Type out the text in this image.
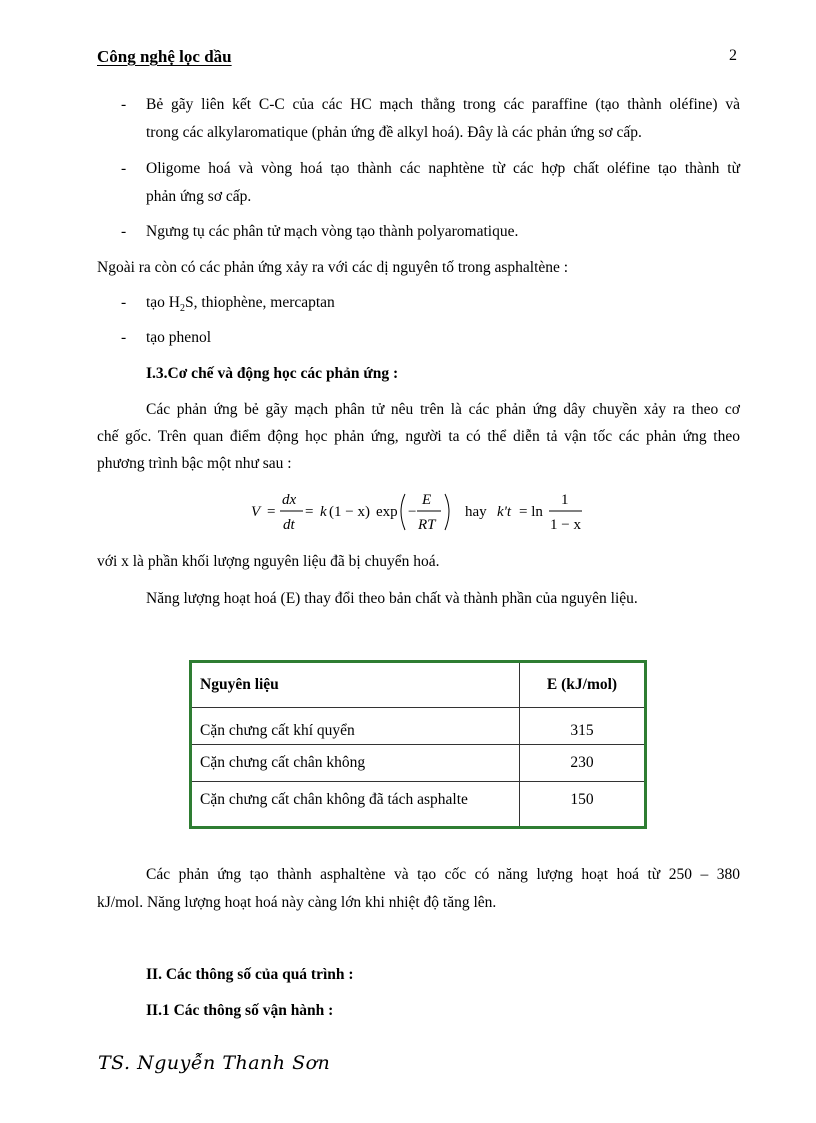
Công nghệ lọc dầu	2
- Bẻ gãy liên kết C-C của các HC mạch thẳng trong các paraffine (tạo thành oléfine) và
trong các alkylaromatique (phản ứng đề alkyl hoá). Đây là các phản ứng sơ cấp.
- Oligome hoá và vòng hoá tạo thành các naphtène từ các hợp chất oléfine tạo thành từ
phản ứng sơ cấp.
- Ngưng tụ các phân tử mạch vòng tạo thành polyaromatique.
Ngoài ra còn có các phản ứng xảy ra với các dị nguyên tố trong asphaltène :
- tạo $H_2S$, thiophène, mercaptan
- tạo phenol
I.3.Cơ chế và động học các phản ứng :
Các phản ứng bẻ gãy mạch phân tử nêu trên là các phản ứng dây chuyền xảy ra theo cơ
chế gốc. Trên quan điểm động học phản ứng, người ta có thể diễn tả vận tốc các phản ứng theo
phương trình bậc một như sau :
V =
dx
dt
= k (1 − x) exp −
E
RT
hay k't = ln
1
1 − x
với x là phần khối lượng nguyên liệu đã bị chuyển hoá.
Năng lượng hoạt hoá (E) thay đổi theo bản chất và thành phần của nguyên liệu.
Nguyên liệu	E (kJ/mol)
Cặn chưng cất khí quyển	315
Cặn chưng cất chân không	230
Cặn chưng cất chân không đã tách asphalte	150
Các phản ứng tạo thành asphaltène và tạo cốc có năng lượng hoạt hoá từ 250 – 380
kJ/mol. Năng lượng hoạt hoá này càng lớn khi nhiệt độ tăng lên.
II. Các thông số của quá trình :
II.1 Các thông số vận hành :
TS. Nguyễn Thanh Sơn
